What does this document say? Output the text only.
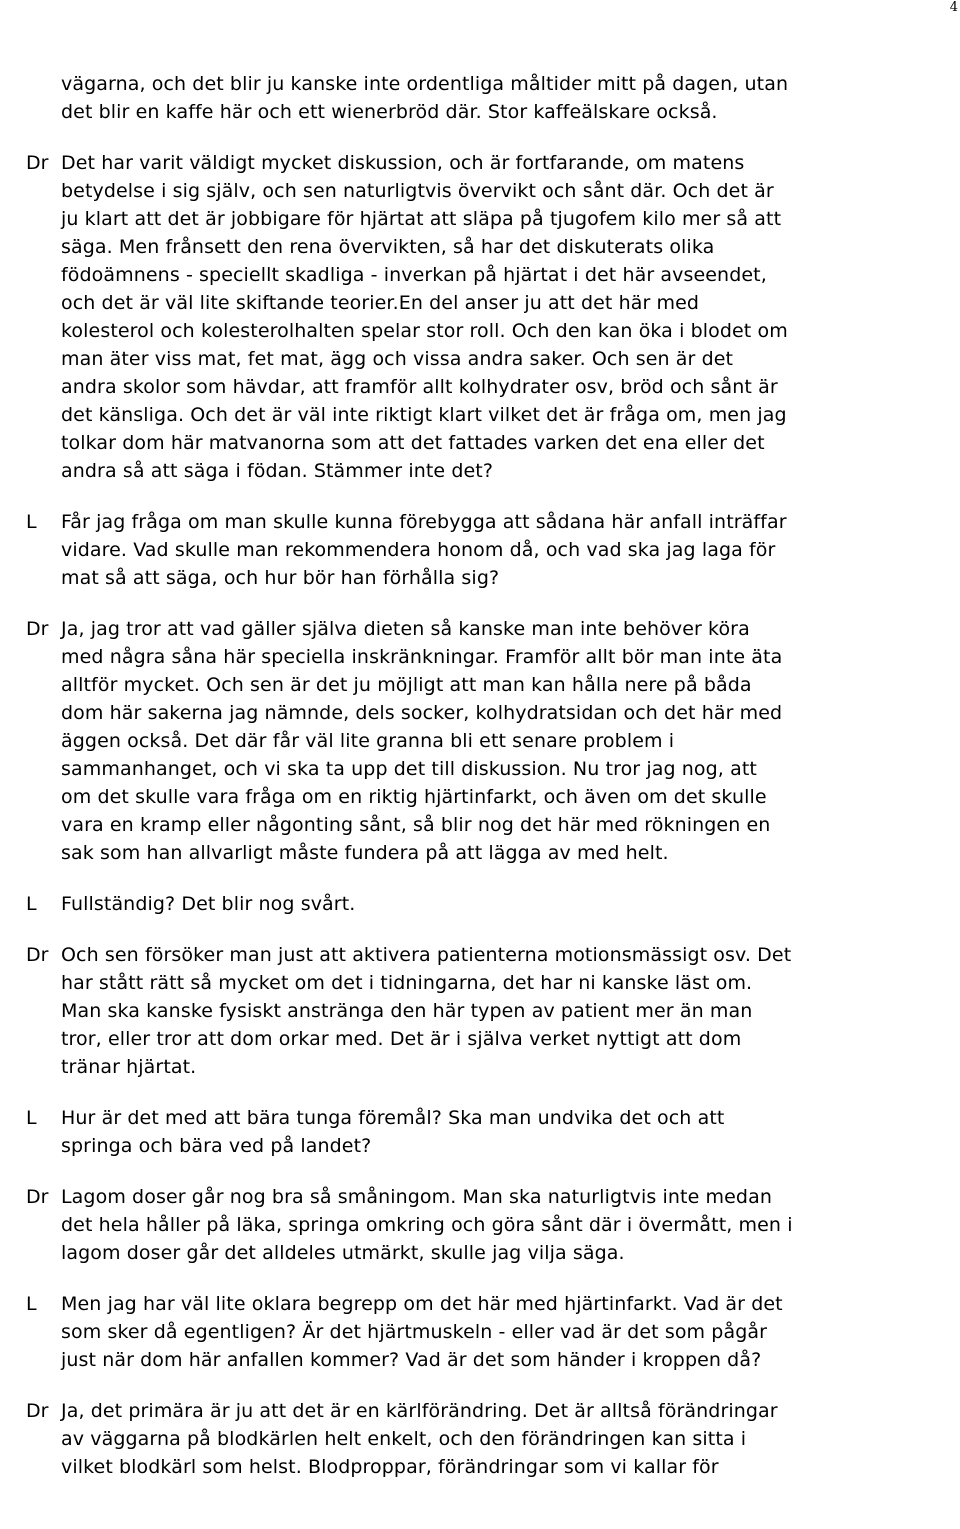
4
vägarna, och det blir ju kanske inte ordentliga måltider mitt på dagen, utan
det blir en kaffe här och ett wienerbröd där. Stor kaffeälskare också.
Dr Det har varit väldigt mycket diskussion, och är fortfarande, om matens
betydelse i sig själv, och sen naturligtvis övervikt och sånt där. Och det är
ju klart att det är jobbigare för hjärtat att släpa på tjugofem kilo mer så att
säga. Men frånsett den rena övervikten, så har det diskuterats olika
födoämnens - speciellt skadliga - inverkan på hjärtat i det här avseendet,
och det är väl lite skiftande teorier.En del anser ju att det här med
kolesterol och kolesterolhalten spelar stor roll. Och den kan öka i blodet om
man äter viss mat, fet mat, ägg och vissa andra saker. Och sen är det
andra skolor som hävdar, att framför allt kolhydrater osv, bröd och sånt är
det känsliga. Och det är väl inte riktigt klart vilket det är fråga om, men jag
tolkar dom här matvanorna som att det fattades varken det ena eller det
andra så att säga i födan. Stämmer inte det?
L Får jag fråga om man skulle kunna förebygga att sådana här anfall inträffar
vidare. Vad skulle man rekommendera honom då, och vad ska jag laga för
mat så att säga, och hur bör han förhålla sig?
Dr Ja, jag tror att vad gäller själva dieten så kanske man inte behöver köra
med några såna här speciella inskränkningar. Framför allt bör man inte äta
alltför mycket. Och sen är det ju möjligt att man kan hålla nere på båda
dom här sakerna jag nämnde, dels socker, kolhydratsidan och det här med
äggen också. Det där får väl lite granna bli ett senare problem i
sammanhanget, och vi ska ta upp det till diskussion. Nu tror jag nog, att
om det skulle vara fråga om en riktig hjärtinfarkt, och även om det skulle
vara en kramp eller någonting sånt, så blir nog det här med rökningen en
sak som han allvarligt måste fundera på att lägga av med helt.
L Fullständig? Det blir nog svårt.
Dr Och sen försöker man just att aktivera patienterna motionsmässigt osv. Det
har stått rätt så mycket om det i tidningarna, det har ni kanske läst om.
Man ska kanske fysiskt anstränga den här typen av patient mer än man
tror, eller tror att dom orkar med. Det är i själva verket nyttigt att dom
tränar hjärtat.
L Hur är det med att bära tunga föremål? Ska man undvika det och att
springa och bära ved på landet?
Dr Lagom doser går nog bra så småningom. Man ska naturligtvis inte medan
det hela håller på läka, springa omkring och göra sånt där i övermått, men i
lagom doser går det alldeles utmärkt, skulle jag vilja säga.
L Men jag har väl lite oklara begrepp om det här med hjärtinfarkt. Vad är det
som sker då egentligen? Är det hjärtmuskeln - eller vad är det som pågår
just när dom här anfallen kommer? Vad är det som händer i kroppen då?
Dr Ja, det primära är ju att det är en kärlförändring. Det är alltså förändringar
av väggarna på blodkärlen helt enkelt, och den förändringen kan sitta i
vilket blodkärl som helst. Blodproppar, förändringar som vi kallar för
